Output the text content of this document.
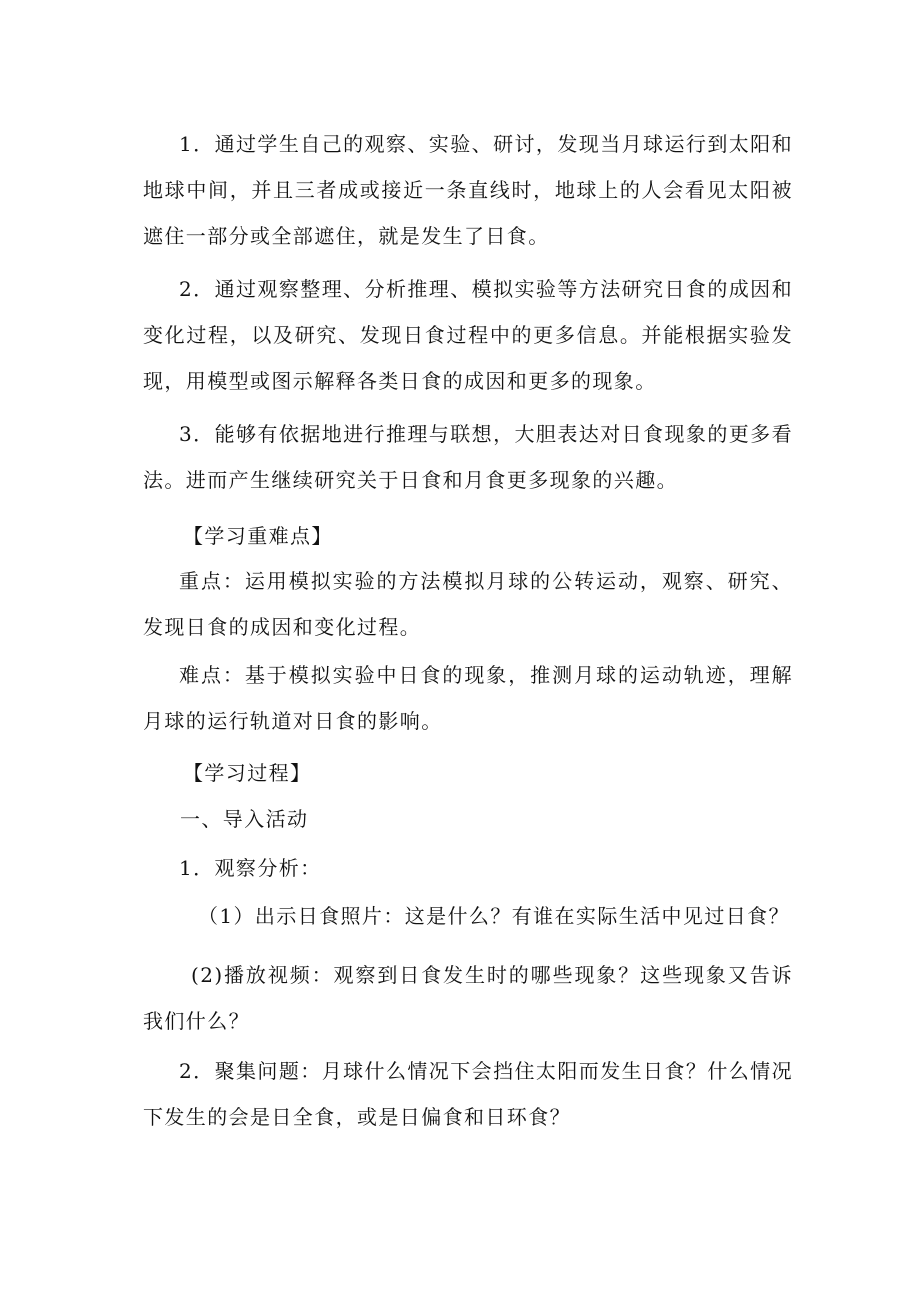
1．通过学生自己的观察、实验、研讨，发现当月球运行到太阳和地球中间，并且三者成或接近一条直线时，地球上的人会看见太阳被遮住一部分或全部遮住，就是发生了日食。

2．通过观察整理、分析推理、模拟实验等方法研究日食的成因和变化过程，以及研究、发现日食过程中的更多信息。并能根据实验发现，用模型或图示解释各类日食的成因和更多的现象。

3．能够有依据地进行推理与联想，大胆表达对日食现象的更多看法。进而产生继续研究关于日食和月食更多现象的兴趣。

【学习重难点】

重点：运用模拟实验的方法模拟月球的公转运动，观察、研究、发现日食的成因和变化过程。

难点：基于模拟实验中日食的现象，推测月球的运动轨迹，理解月球的运行轨道对日食的影响。

【学习过程】

一、导入活动

1．观察分析：

（1）出示日食照片：这是什么？有谁在实际生活中见过日食？

(2)播放视频：观察到日食发生时的哪些现象？这些现象又告诉我们什么？

2．聚集问题：月球什么情况下会挡住太阳而发生日食？什么情况下发生的会是日全食，或是日偏食和日环食？
